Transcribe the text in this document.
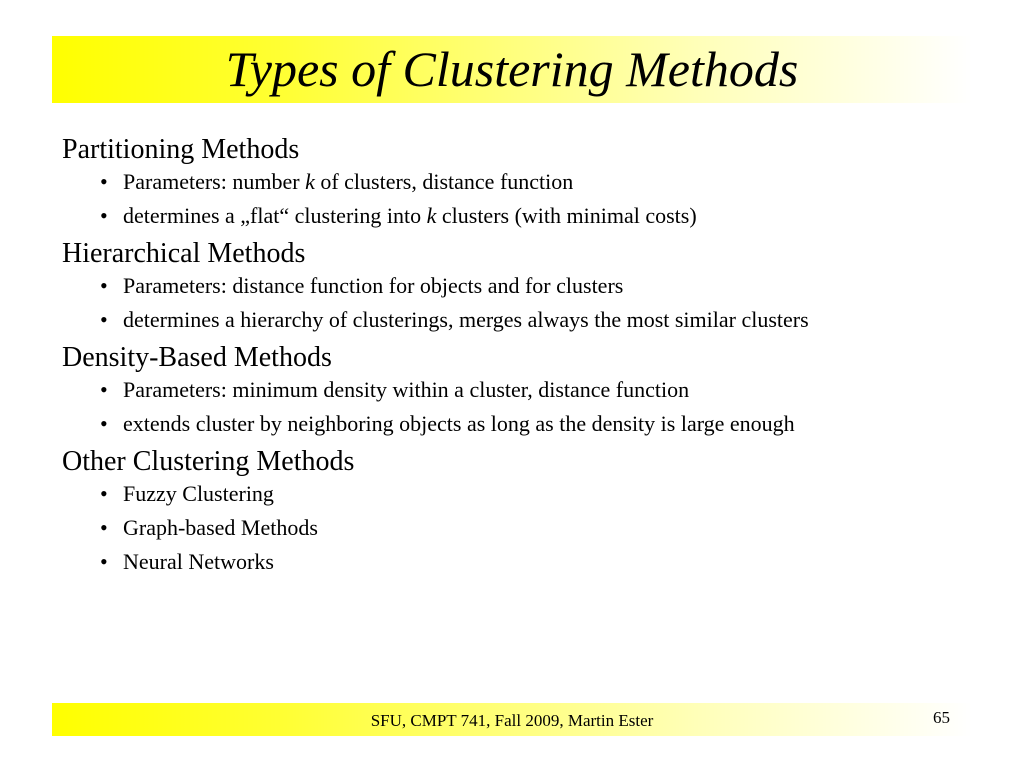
Types of Clustering Methods
Partitioning Methods
• Parameters: number k of clusters, distance function
• determines a „flat“ clustering into k clusters (with minimal costs)
Hierarchical Methods
• Parameters: distance function for objects and for clusters
• determines a hierarchy of clusterings, merges always the most similar clusters
Density-Based Methods
• Parameters: minimum density within a cluster, distance function
• extends cluster by neighboring objects as long as the density is large enough
Other Clustering Methods
• Fuzzy Clustering
• Graph-based Methods
• Neural Networks
SFU, CMPT 741, Fall 2009, Martin Ester	65
